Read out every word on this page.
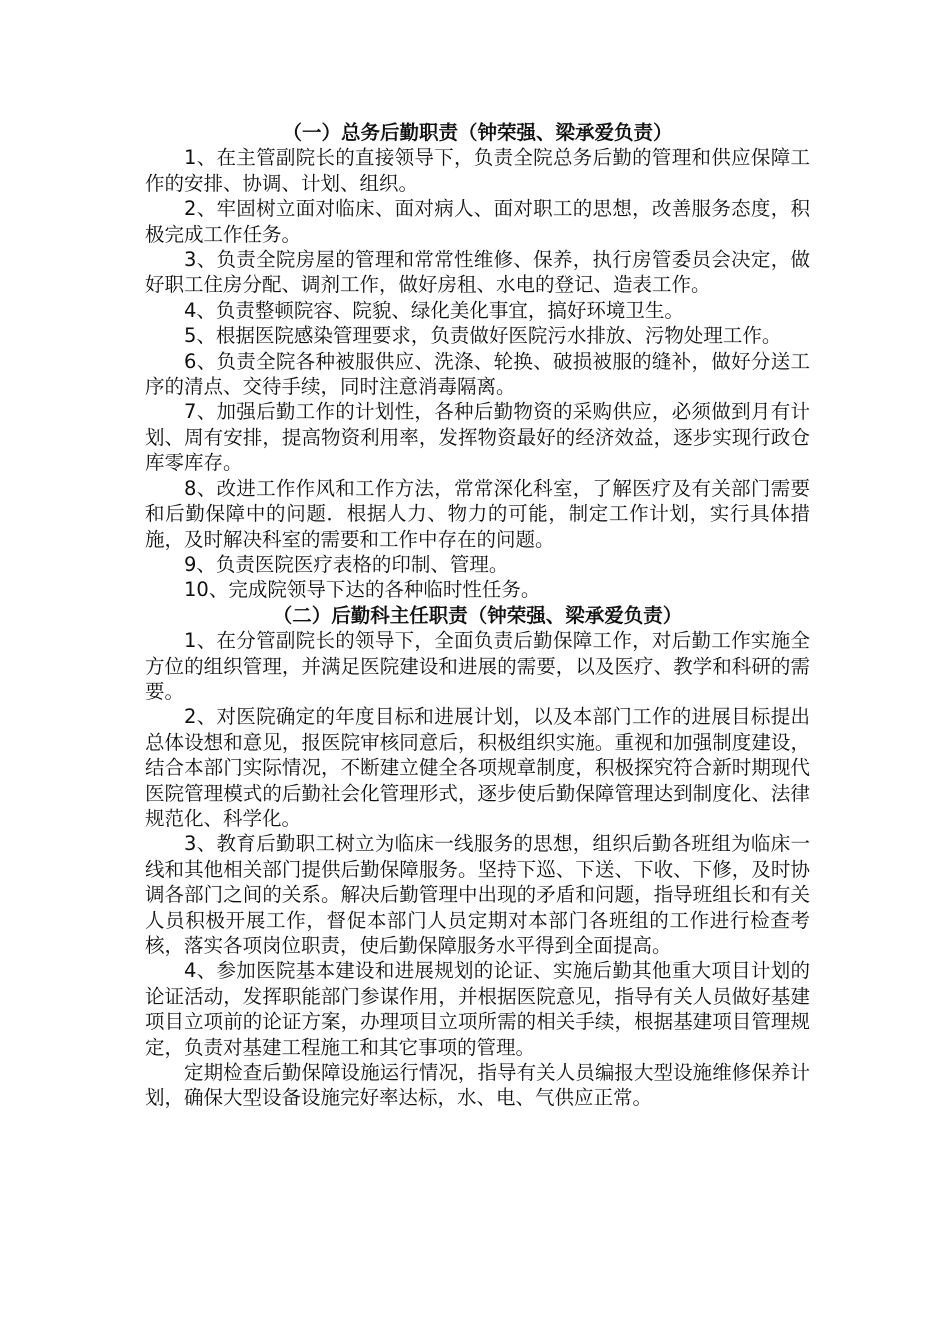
（一）总务后勤职责（钟荣强、梁承爱负责）

1、在主管副院长的直接领导下，负责全院总务后勤的管理和供应保障工作的安排、协调、计划、组织。

2、牢固树立面对临床、面对病人、面对职工的思想，改善服务态度，积极完成工作任务。

3、负责全院房屋的管理和常常性维修、保养，执行房管委员会决定，做好职工住房分配、调剂工作，做好房租、水电的登记、造表工作。

4、负责整顿院容、院貌、绿化美化事宜，搞好环境卫生。

5、根据医院感染管理要求，负责做好医院污水排放、污物处理工作。

6、负责全院各种被服供应、洗涤、轮换、破损被服的缝补，做好分送工序的清点、交待手续，同时注意消毒隔离。

7、加强后勤工作的计划性，各种后勤物资的采购供应，必须做到月有计划、周有安排，提高物资利用率，发挥物资最好的经济效益，逐步实现行政仓库零库存。

8、改进工作作风和工作方法，常常深化科室，了解医疗及有关部门需要和后勤保障中的问题．根据人力、物力的可能，制定工作计划，实行具体措施，及时解决科室的需要和工作中存在的问题。

9、负责医院医疗表格的印制、管理。

10、完成院领导下达的各种临时性任务。

（二）后勤科主任职责（钟荣强、梁承爱负责）

1、在分管副院长的领导下，全面负责后勤保障工作，对后勤工作实施全方位的组织管理，并满足医院建设和进展的需要，以及医疗、教学和科研的需要。

2、对医院确定的年度目标和进展计划，以及本部门工作的进展目标提出总体设想和意见，报医院审核同意后，积极组织实施。重视和加强制度建设，结合本部门实际情况，不断建立健全各项规章制度，积极探究符合新时期现代医院管理模式的后勤社会化管理形式，逐步使后勤保障管理达到制度化、法律规范化、科学化。

3、教育后勤职工树立为临床一线服务的思想，组织后勤各班组为临床一线和其他相关部门提供后勤保障服务。坚持下巡、下送、下收、下修，及时协调各部门之间的关系。解决后勤管理中出现的矛盾和问题，指导班组长和有关人员积极开展工作，督促本部门人员定期对本部门各班组的工作进行检查考核，落实各项岗位职责，使后勤保障服务水平得到全面提高。

4、参加医院基本建设和进展规划的论证、实施后勤其他重大项目计划的论证活动，发挥职能部门参谋作用，并根据医院意见，指导有关人员做好基建项目立项前的论证方案，办理项目立项所需的相关手续，根据基建项目管理规定，负责对基建工程施工和其它事项的管理。

定期检查后勤保障设施运行情况，指导有关人员编报大型设施维修保养计划，确保大型设备设施完好率达标，水、电、气供应正常。
